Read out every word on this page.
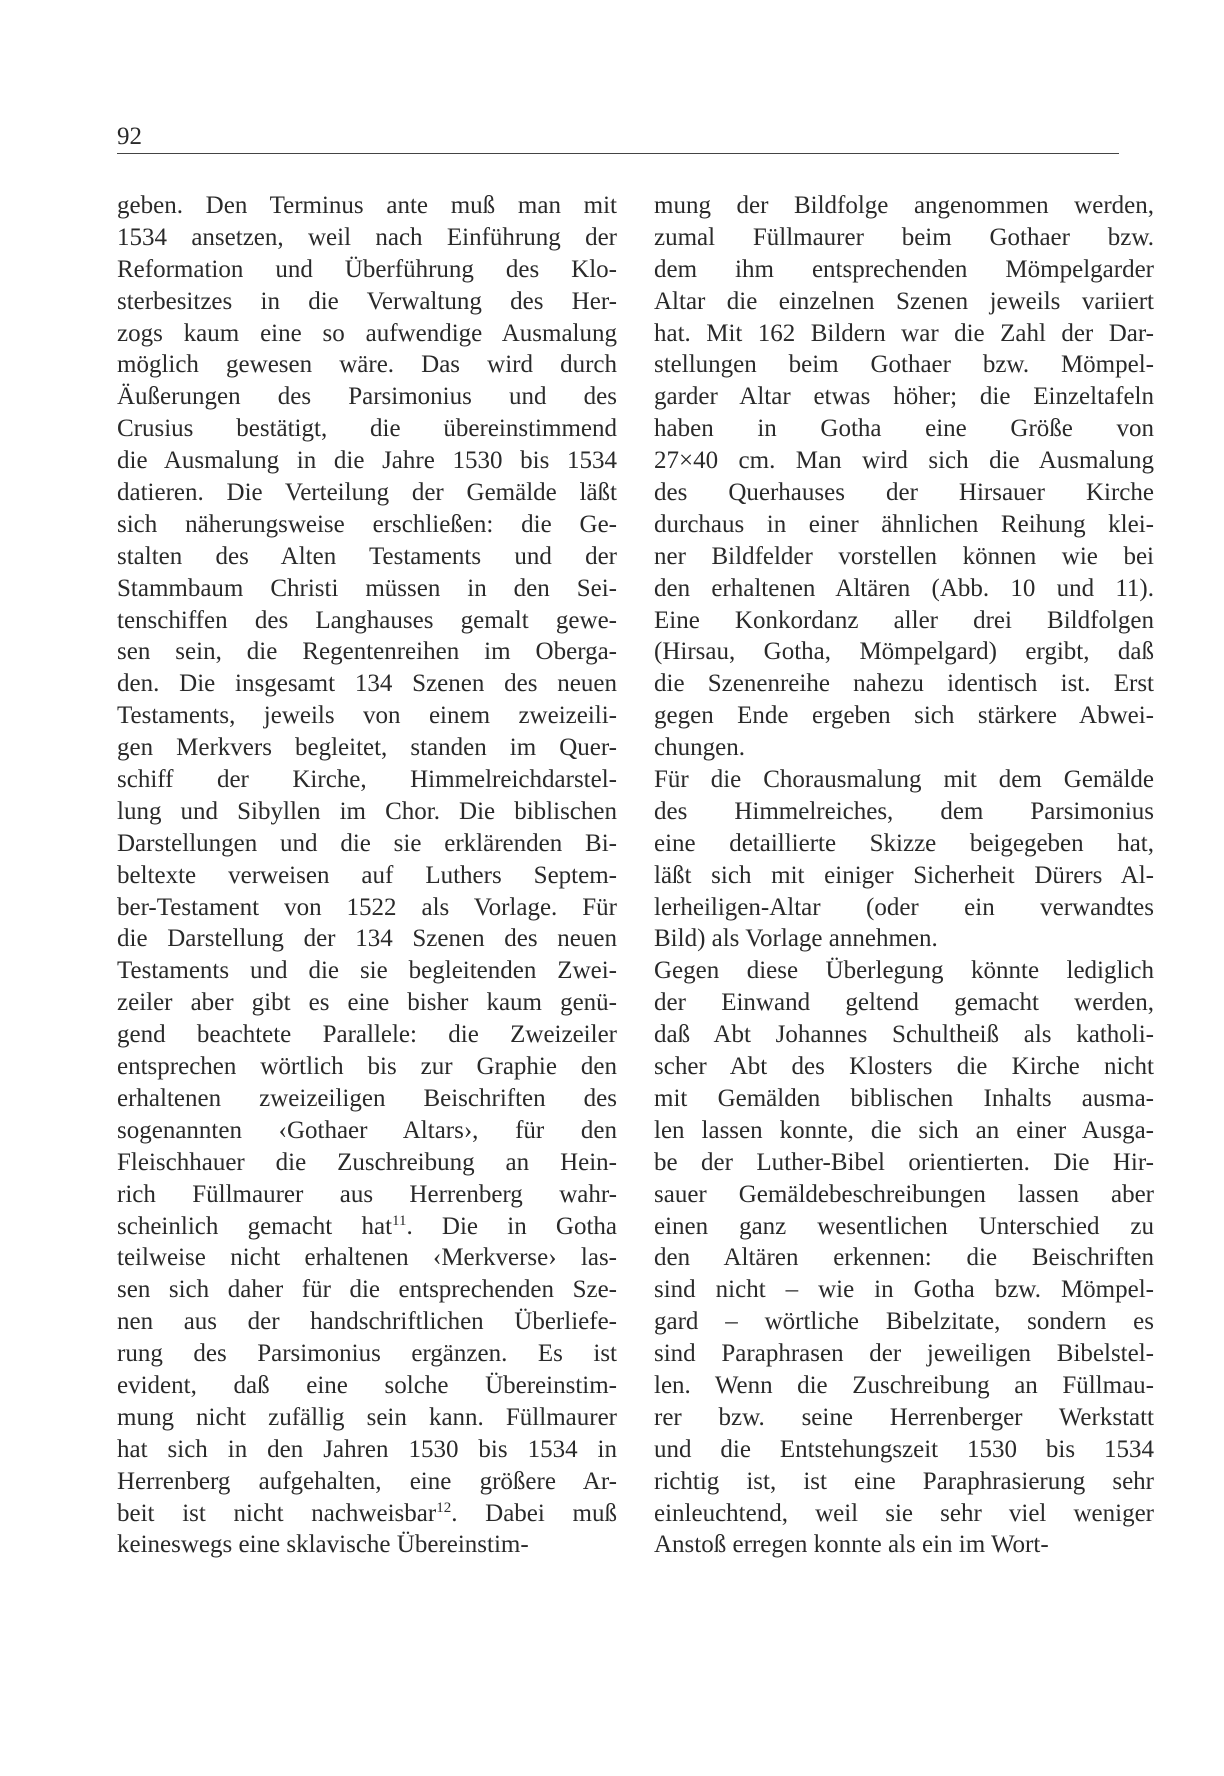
92
geben. Den Terminus ante muß man mit
1534 ansetzen, weil nach Einführung der
Reformation und Überführung des Klo-
sterbesitzes in die Verwaltung des Her-
zogs kaum eine so aufwendige Ausmalung
möglich gewesen wäre. Das wird durch
Äußerungen des Parsimonius und des
Crusius bestätigt, die übereinstimmend
die Ausmalung in die Jahre 1530 bis 1534
datieren. Die Verteilung der Gemälde läßt
sich näherungsweise erschließen: die Ge-
stalten des Alten Testaments und der
Stammbaum Christi müssen in den Sei-
tenschiffen des Langhauses gemalt gewe-
sen sein, die Regentenreihen im Oberga-
den. Die insgesamt 134 Szenen des neuen
Testaments, jeweils von einem zweizeili-
gen Merkvers begleitet, standen im Quer-
schiff der Kirche, Himmelreichdarstel-
lung und Sibyllen im Chor. Die biblischen
Darstellungen und die sie erklärenden Bi-
beltexte verweisen auf Luthers Septem-
ber-Testament von 1522 als Vorlage. Für
die Darstellung der 134 Szenen des neuen
Testaments und die sie begleitenden Zwei-
zeiler aber gibt es eine bisher kaum genü-
gend beachtete Parallele: die Zweizeiler
entsprechen wörtlich bis zur Graphie den
erhaltenen zweizeiligen Beischriften des
sogenannten ‹Gothaer Altars›, für den
Fleischhauer die Zuschreibung an Hein-
rich Füllmaurer aus Herrenberg wahr-
scheinlich gemacht hat$^{11}$. Die in Gotha
teilweise nicht erhaltenen ‹Merkverse› las-
sen sich daher für die entsprechenden Sze-
nen aus der handschriftlichen Überliefe-
rung des Parsimonius ergänzen. Es ist
evident, daß eine solche Übereinstim-
mung nicht zufällig sein kann. Füllmaurer
hat sich in den Jahren 1530 bis 1534 in
Herrenberg aufgehalten, eine größere Ar-
beit ist nicht nachweisbar$^{12}$. Dabei muß
keineswegs eine sklavische Übereinstim-
mung der Bildfolge angenommen werden,
zumal Füllmaurer beim Gothaer bzw.
dem ihm entsprechenden Mömpelgarder
Altar die einzelnen Szenen jeweils variiert
hat. Mit 162 Bildern war die Zahl der Dar-
stellungen beim Gothaer bzw. Mömpel-
garder Altar etwas höher; die Einzeltafeln
haben in Gotha eine Größe von
27×40 cm. Man wird sich die Ausmalung
des Querhauses der Hirsauer Kirche
durchaus in einer ähnlichen Reihung klei-
ner Bildfelder vorstellen können wie bei
den erhaltenen Altären (Abb. 10 und 11).
Eine Konkordanz aller drei Bildfolgen
(Hirsau, Gotha, Mömpelgard) ergibt, daß
die Szenenreihe nahezu identisch ist. Erst
gegen Ende ergeben sich stärkere Abwei-
chungen.
Für die Chorausmalung mit dem Gemälde
des Himmelreiches, dem Parsimonius
eine detaillierte Skizze beigegeben hat,
läßt sich mit einiger Sicherheit Dürers Al-
lerheiligen-Altar (oder ein verwandtes
Bild) als Vorlage annehmen.
Gegen diese Überlegung könnte lediglich
der Einwand geltend gemacht werden,
daß Abt Johannes Schultheiß als katholi-
scher Abt des Klosters die Kirche nicht
mit Gemälden biblischen Inhalts ausma-
len lassen konnte, die sich an einer Ausga-
be der Luther-Bibel orientierten. Die Hir-
sauer Gemäldebeschreibungen lassen aber
einen ganz wesentlichen Unterschied zu
den Altären erkennen: die Beischriften
sind nicht – wie in Gotha bzw. Mömpel-
gard – wörtliche Bibelzitate, sondern es
sind Paraphrasen der jeweiligen Bibelstel-
len. Wenn die Zuschreibung an Füllmau-
rer bzw. seine Herrenberger Werkstatt
und die Entstehungszeit 1530 bis 1534
richtig ist, ist eine Paraphrasierung sehr
einleuchtend, weil sie sehr viel weniger
Anstoß erregen konnte als ein im Wort-
